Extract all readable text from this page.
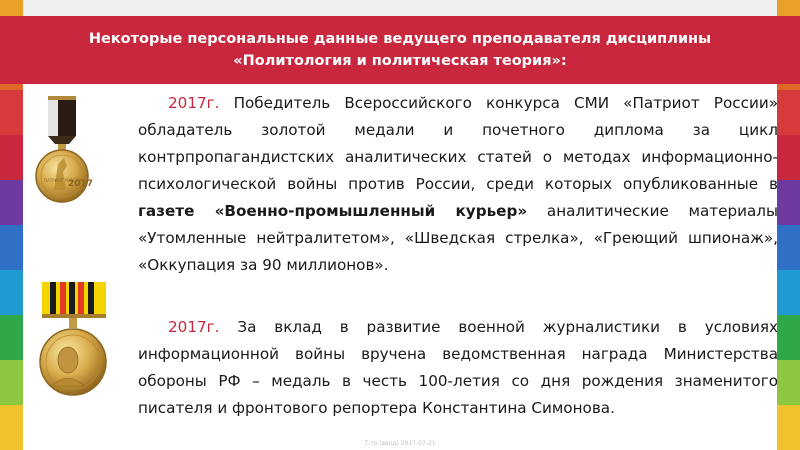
Некоторые персональные данные ведущего преподавателя дисциплины
«Политология и политическая теория»:
2017
ПАТРИОТ РОССИИ

2017г. Победитель Всероссийского конкурса СМИ «Патриот России» обладатель золотой медали и почетного диплома за цикл контрпропагандистских аналитических статей о методах информационно-психологической войны против России, среди которых опубликованные в газете «Военно-промышленный курьер» аналитические материалы «Утомленные нейтралитетом», «Шведская стрелка», «Греющий шпионаж», «Оккупация за 90 миллионов».

2017г. За вклад в развитие военной журналистики в условиях информационной войны вручена ведомственная награда Министерства обороны РФ – медаль в честь 100-летия со дня рождения знаменитого писателя и фронтового репортера Константина Симонова.

Т-то (ввод) 2017-07-21
